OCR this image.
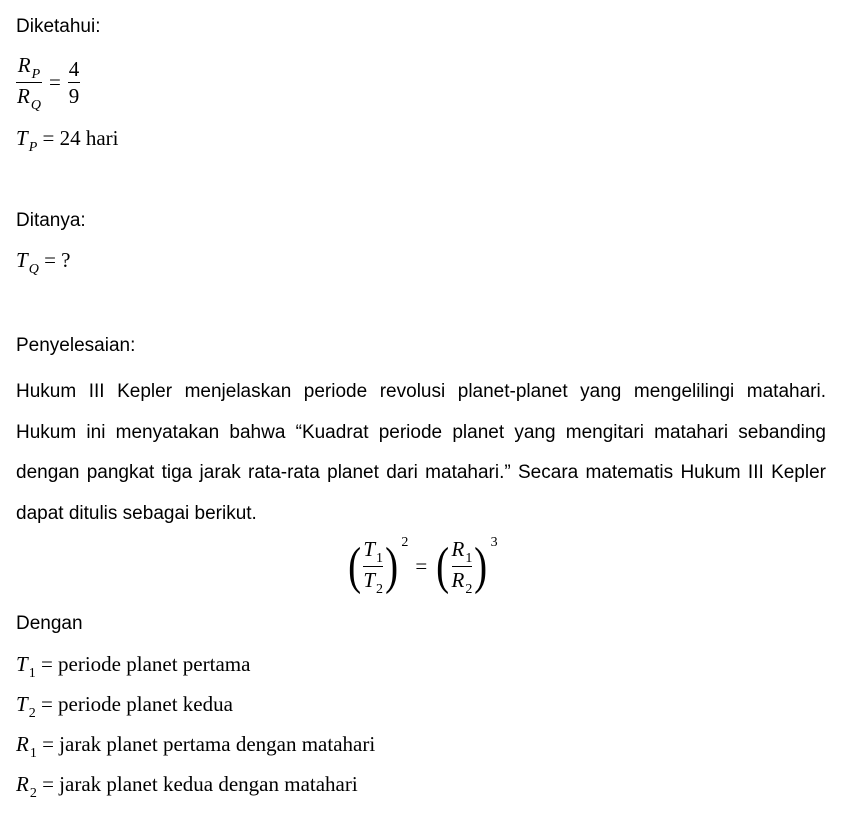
Diketahui:
$\frac{R_P}{R_Q} = \frac{4}{9}$
$T_P = 24$ hari
Ditanya:
$T_Q$ = ?
Penyelesaian:

Hukum III Kepler menjelaskan periode revolusi planet-planet yang mengelilingi matahari. Hukum ini menyatakan bahwa “Kuadrat periode planet yang mengitari matahari sebanding dengan pangkat tiga jarak rata-rata planet dari matahari.” Secara matematis Hukum III Kepler dapat ditulis sebagai berikut.

( $\frac{T_1}{T_2}$ ) 2
= ( $\frac{R_1}{R_2}$ ) 3
Dengan
$T_1$ = periode planet pertama
$T_2$ = periode planet kedua
$R_1$ = jarak planet pertama dengan matahari
$R_2$ = jarak planet kedua dengan matahari
